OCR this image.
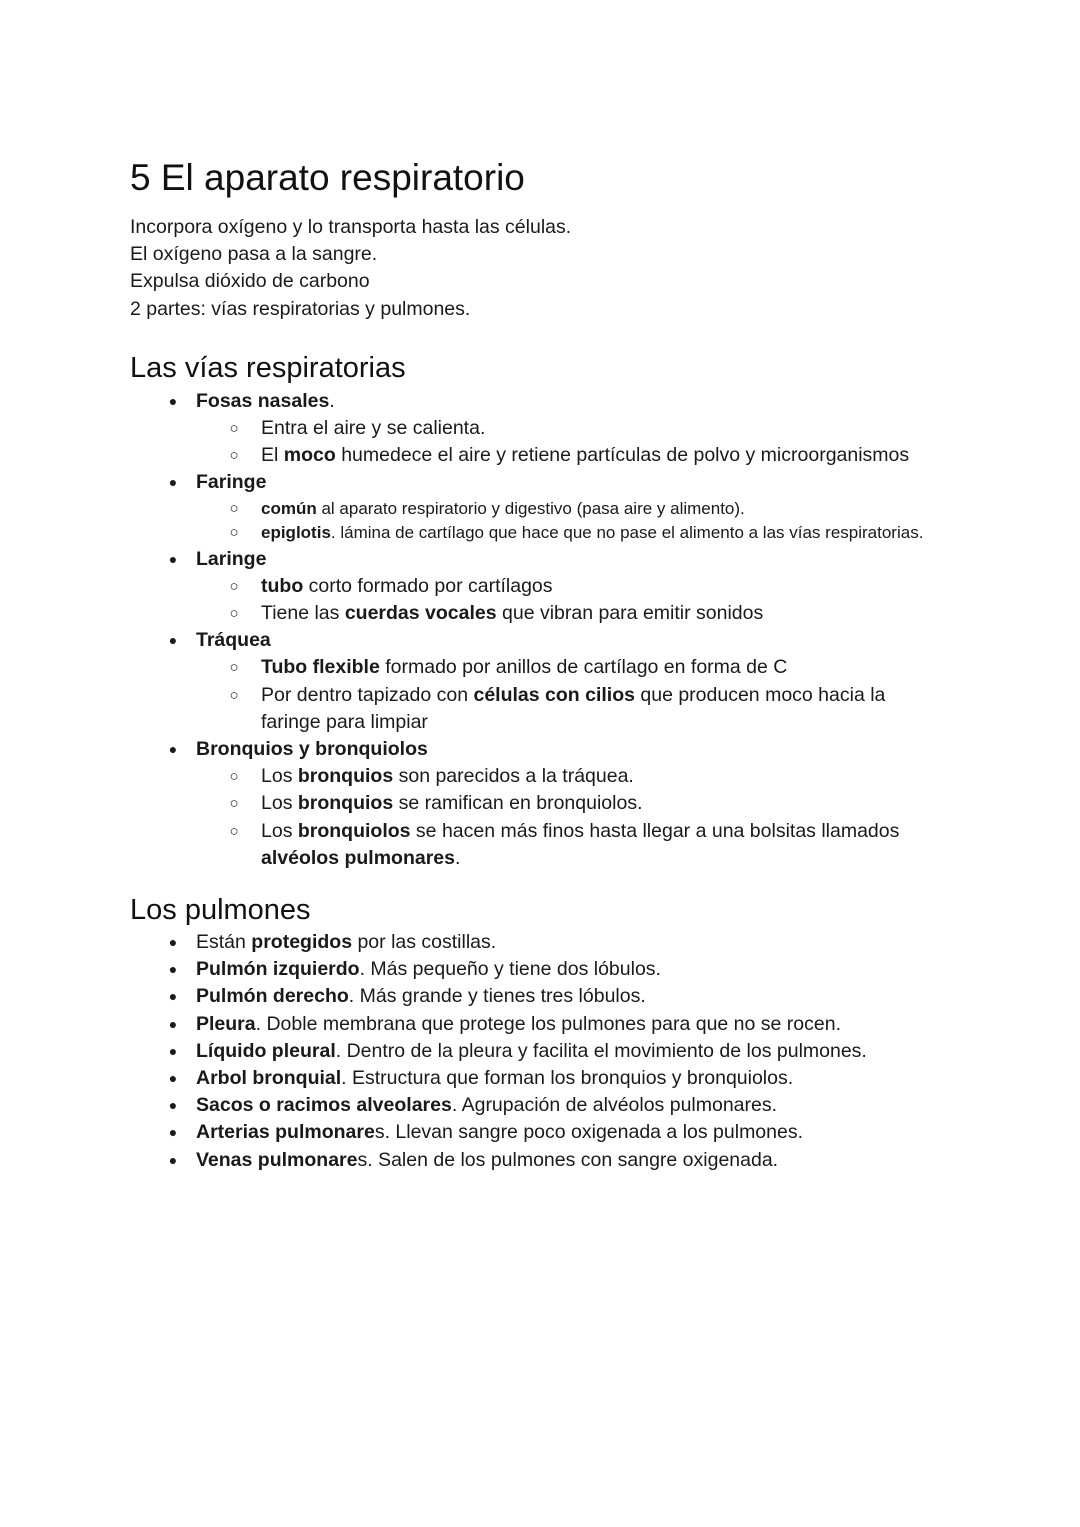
5 El aparato respiratorio
Incorpora oxígeno y lo transporta hasta las células.
El oxígeno pasa a la sangre.
Expulsa dióxido de carbono
2 partes: vías respiratorias y pulmones.
Las vías respiratorias
● Fosas nasales.
○ Entra el aire y se calienta.
○ El moco humedece el aire y retiene partículas de polvo y microorganismos
● Faringe
○ común al aparato respiratorio y digestivo (pasa aire y alimento).
○ epiglotis. lámina de cartílago que hace que no pase el alimento a las vías respiratorias.
● Laringe
○ tubo corto formado por cartílagos
○ Tiene las cuerdas vocales que vibran para emitir sonidos
● Tráquea
○ Tubo flexible formado por anillos de cartílago en forma de C
○ Por dentro tapizado con células con cilios que producen moco hacia la faringe para limpiar
● Bronquios y bronquiolos
○ Los bronquios son parecidos a la tráquea.
○ Los bronquios se ramifican en bronquiolos.
○ Los bronquiolos se hacen más finos hasta llegar a una bolsitas llamados alvéolos pulmonares.
Los pulmones
● Están protegidos por las costillas.
● Pulmón izquierdo. Más pequeño y tiene dos lóbulos.
● Pulmón derecho. Más grande y tienes tres lóbulos.
● Pleura. Doble membrana que protege los pulmones para que no se rocen.
● Líquido pleural. Dentro de la pleura y facilita el movimiento de los pulmones.
● Arbol bronquial. Estructura que forman los bronquios y bronquiolos.
● Sacos o racimos alveolares. Agrupación de alvéolos pulmonares.
● Arterias pulmonares. Llevan sangre poco oxigenada a los pulmones.
● Venas pulmonares. Salen de los pulmones con sangre oxigenada.
